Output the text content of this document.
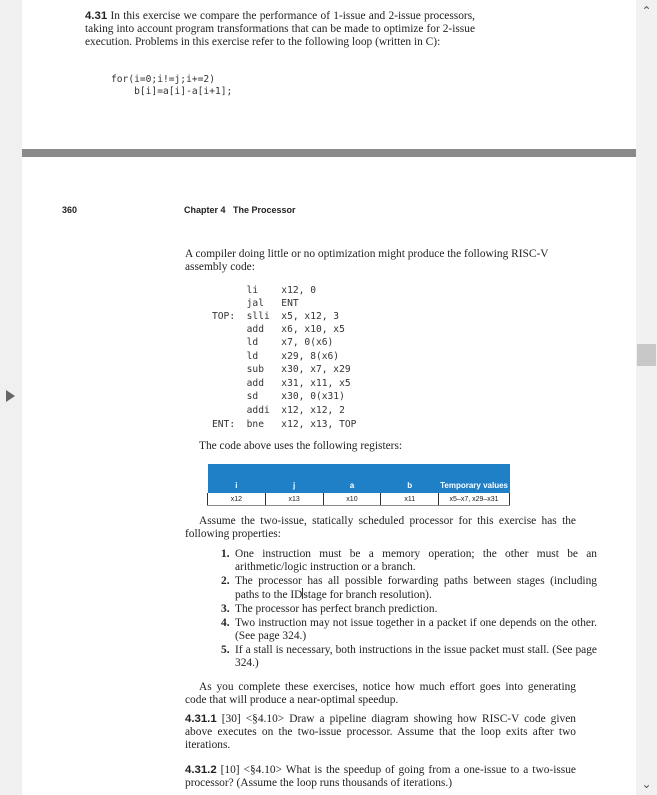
4.31 In this exercise we compare the performance of 1-issue and 2-issue processors, taking into account program transformations that can be made to optimize for 2-issue execution. Problems in this exercise refer to the following loop (written in C):
for(i=0;i!=j;i+=2)
b[i]=a[i]-a[i+1];
360	Chapter 4 The Processor
A compiler doing little or no optimization might produce the following RISC-V assembly code:
li    x12, 0
jal   ENT
TOP:  slli  x5, x12, 3
add   x6, x10, x5
ld    x7, 0(x6)
ld    x29, 8(x6)
sub   x30, x7, x29
add   x31, x11, x5
sd    x30, 0(x31)
addi  x12, x12, 2
ENT:  bne   x12, x13, TOP
The code above uses the following registers:
i	j	a	b	Temporary values
x12	x13	x10	x11	x5–x7, x29–x31
Assume the two-issue, statically scheduled processor for this exercise has the following properties:
1. One instruction must be a memory operation; the other must be an arithmetic/logic instruction or a branch.
2. The processor has all possible forwarding paths between stages (including paths to the IDstage for branch resolution).
3. The processor has perfect branch prediction.
4. Two instruction may not issue together in a packet if one depends on the other. (See page 324.)
5. If a stall is necessary, both instructions in the issue packet must stall. (See page 324.)
As you complete these exercises, notice how much effort goes into generating code that will produce a near-optimal speedup.
4.31.1 [30] <§4.10> Draw a pipeline diagram showing how RISC-V code given above executes on the two-issue processor. Assume that the loop exits after two iterations.
4.31.2 [10] <§4.10> What is the speedup of going from a one-issue to a two-issue processor? (Assume the loop runs thousands of iterations.)
⌃
⌄
